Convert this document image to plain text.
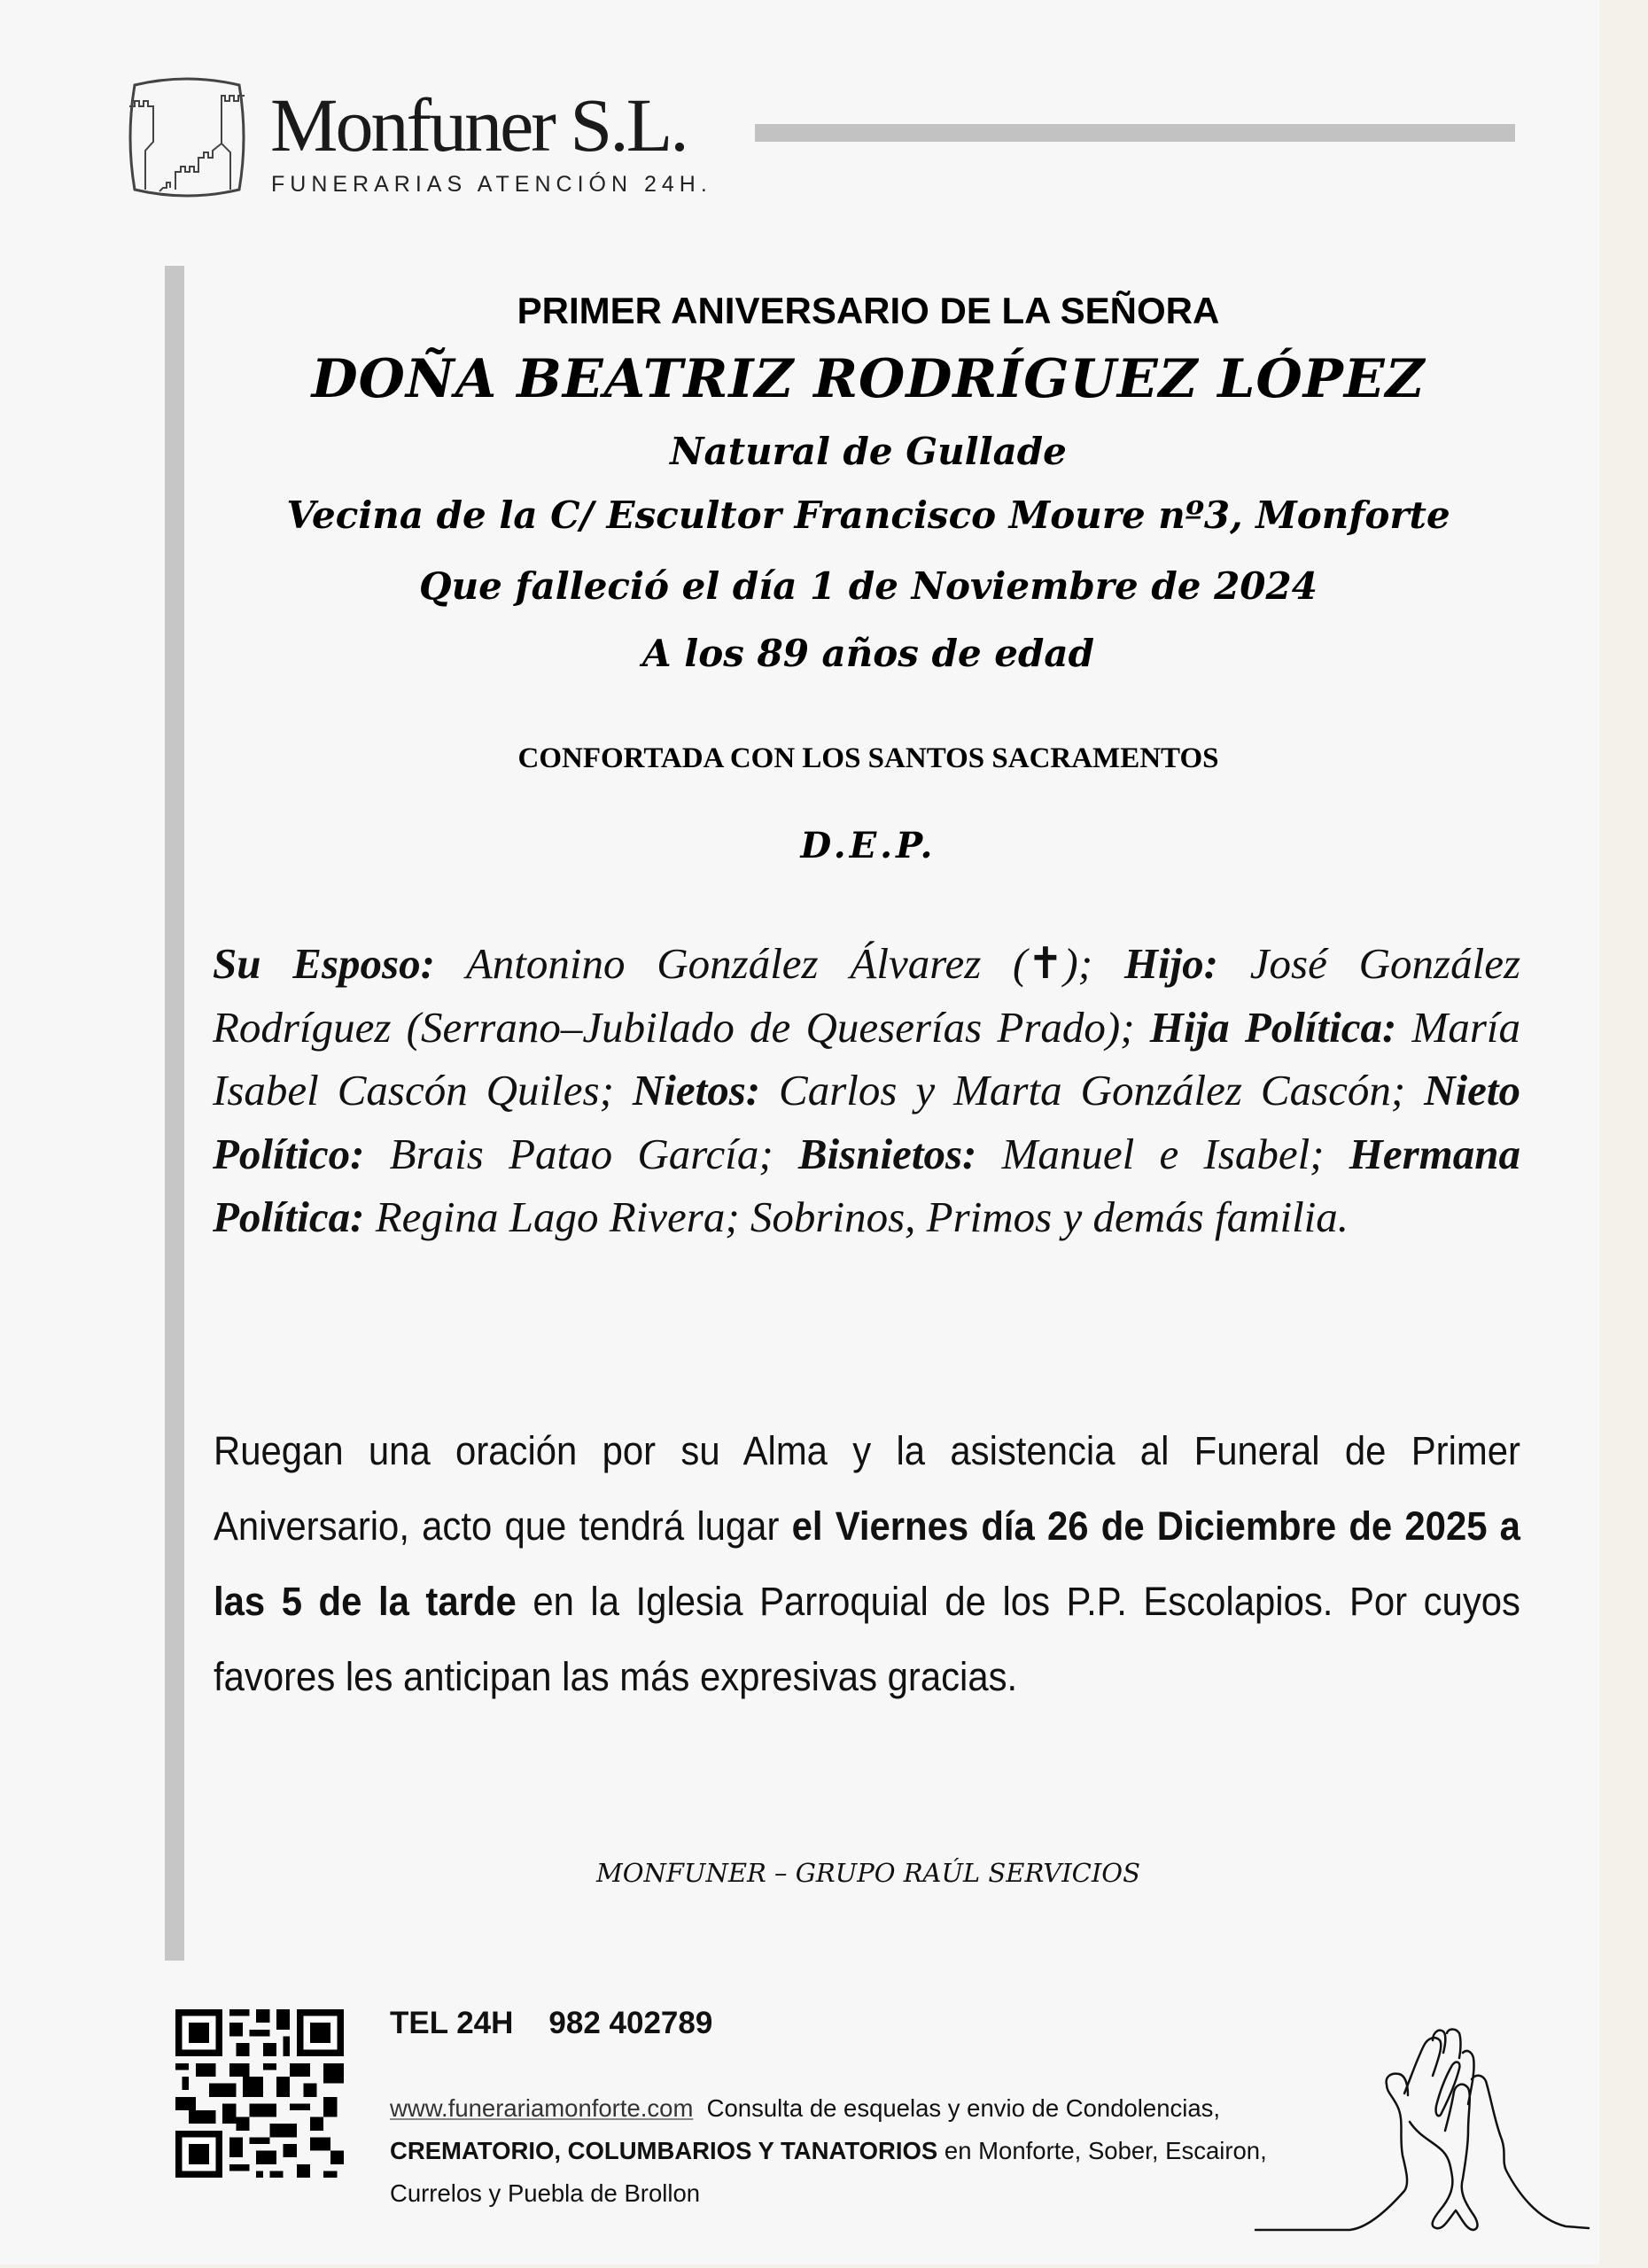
Monfuner S.L.
FUNERARIAS ATENCIÓN 24H.
PRIMER ANIVERSARIO DE LA SEÑORA
DOÑA BEATRIZ RODRÍGUEZ LÓPEZ
Natural de Gullade
Vecina de la C/ Escultor Francisco Moure nº3, Monforte
Que falleció el día 1 de Noviembre de 2024
A los 89 años de edad
CONFORTADA CON LOS SANTOS SACRAMENTOS
D.E.P.

Su Esposo: Antonino González Álvarez (✝); Hijo: José González Rodríguez (Serrano–Jubilado de Queserías Prado); Hija Política: María Isabel Cascón Quiles; Nietos: Carlos y Marta González Cascón; Nieto Político: Brais Patao García; Bisnietos: Manuel e Isabel; Hermana Política: Regina Lago Rivera; Sobrinos, Primos y demás familia.

Ruegan una oración por su Alma y la asistencia al Funeral de Primer Aniversario, acto que tendrá lugar el Viernes día 26 de Diciembre de 2025 a las 5 de la tarde en la Iglesia Parroquial de los P.P. Escolapios. Por cuyos favores les anticipan las más expresivas gracias.

MONFUNER – GRUPO RAÚL SERVICIOS
TEL 24H 982 402789

www.funerariamonforte.com Consulta de esquelas y envio de Condolencias, CREMATORIO, COLUMBARIOS Y TANATORIOS en Monforte, Sober, Escairon, Currelos y Puebla de Brollon
